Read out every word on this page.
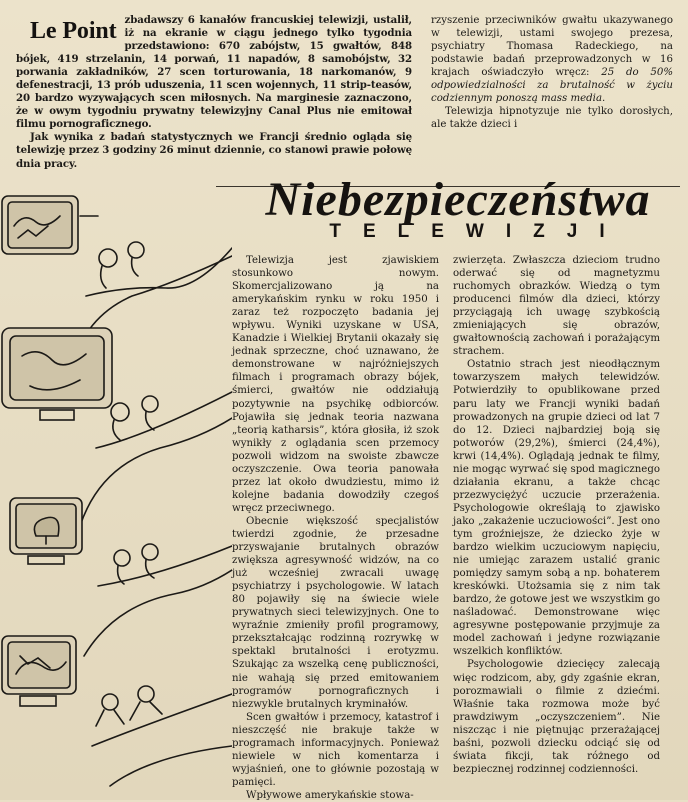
Le Point zbadawszy 6 kanałów francuskiej telewizji, ustalił, iż na ekranie w ciągu jednego tylko tygodnia przedstawiono: 670 zabójstw, 15 gwałtów, 848 bójek, 419 strzelanin, 14 porwań, 11 napadów, 8 samobójstw, 32 porwania zakładników, 27 scen torturowania, 18 narkomanów, 9 defenestracji, 13 prób uduszenia, 11 scen wojennych, 11 strip-teasów, 20 bardzo wyzywających scen miłosnych. Na marginesie zaznaczono, że w owym tygodniu prywatny telewizyjny Canal Plus nie emitował filmu pornograficznego.

Jak wynika z badań statystycznych we Francji średnio ogląda się telewizję przez 3 godziny 26 minut dziennie, co stanowi prawie połowę dnia pracy.

rzyszenie przeciwników gwałtu ukazywanego w telewizji, ustami swojego prezesa, psychiatry Thomasa Radeckiego, na podstawie badań przeprowadzonych w 16 krajach oświadczyło wręcz: 25 do 50% odpowiedzialności za brutalność w życiu codziennym ponoszą mass media.

Telewizja hipnotyzuje nie tylko dorosłych, ale także dzieci i

Niebezpieczeństwa
TELEWIZJI

Telewizja jest zjawiskiem stosunkowo nowym. Skomercjalizowano ją na amerykańskim rynku w roku 1950 i zaraz też rozpoczęto badania jej wpływu. Wyniki uzyskane w USA, Kanadzie i Wielkiej Brytanii okazały się jednak sprzeczne, choć uznawano, że demonstrowane w najróżniejszych filmach i programach obrazy bójek, śmierci, gwałtów nie oddziałują pozytywnie na psychikę odbiorców. Pojawiła się jednak teoria nazwana „teorią katharsis”, która głosiła, iż szok wynikły z oglądania scen przemocy pozwoli widzom na swoiste zbawcze oczyszczenie. Owa teoria panowała przez lat około dwudziestu, mimo iż kolejne badania dowodziły czegoś wręcz przeciwnego.

Obecnie większość specjalistów twierdzi zgodnie, że przesadne przyswajanie brutalnych obrazów zwiększa agresywność widzów, na co już wcześniej zwracali uwagę psychiatrzy i psychologowie. W latach 80 pojawiły się na świecie wiele prywatnych sieci telewizyjnych. One to wyraźnie zmieniły profil programowy, przekształcając rodzinną rozrywkę w spektakl brutalności i erotyzmu. Szukając za wszelką cenę publiczności, nie wahają się przed emitowaniem programów pornograficznych i niezwykle brutalnych kryminałów.

Scen gwałtów i przemocy, katastrof i nieszczęść nie brakuje także w programach informacyjnych. Ponieważ niewiele w nich komentarza i wyjaśnień, one to głównie pozostają w pamięci.

Wpływowe amerykańskie stowa-

zwierzęta. Zwłaszcza dzieciom trudno oderwać się od magnetyzmu ruchomych obrazków. Wiedzą o tym producenci filmów dla dzieci, którzy przyciągają ich uwagę szybkością zmieniających się obrazów, gwałtownością zachowań i porażającym strachem.

Ostatnio strach jest nieodłącznym towarzyszem małych telewidzów. Potwierdziły to opublikowane przed paru laty we Francji wyniki badań prowadzonych na grupie dzieci od lat 7 do 12. Dzieci najbardziej boją się potworów (29,2%), śmierci (24,4%), krwi (14,4%). Oglądają jednak te filmy, nie mogąc wyrwać się spod magicznego działania ekranu, a także chcąc przezwyciężyć uczucie przerażenia. Psychologowie określają to zjawisko jako „zakażenie uczuciowości”. Jest ono tym groźniejsze, że dziecko żyje w bardzo wielkim uczuciowym napięciu, nie umiejąc zarazem ustalić granic pomiędzy samym sobą a np. bohaterem kreskówki. Utożsamia się z nim tak bardzo, że gotowe jest we wszystkim go naśladować. Demonstrowane więc agresywne postępowanie przyjmuje za model zachowań i jedyne rozwiązanie wszelkich konfliktów.

Psychologowie dziecięcy zalecają więc rodzicom, aby, gdy zgaśnie ekran, porozmawiali o filmie z dziećmi. Właśnie taka rozmowa może być prawdziwym „oczyszczeniem”. Nie niszcząc i nie piętnując przerażającej baśni, pozwoli dziecku odciąć się od świata fikcji, tak różnego od bezpiecznej rodzinnej codzienności.
